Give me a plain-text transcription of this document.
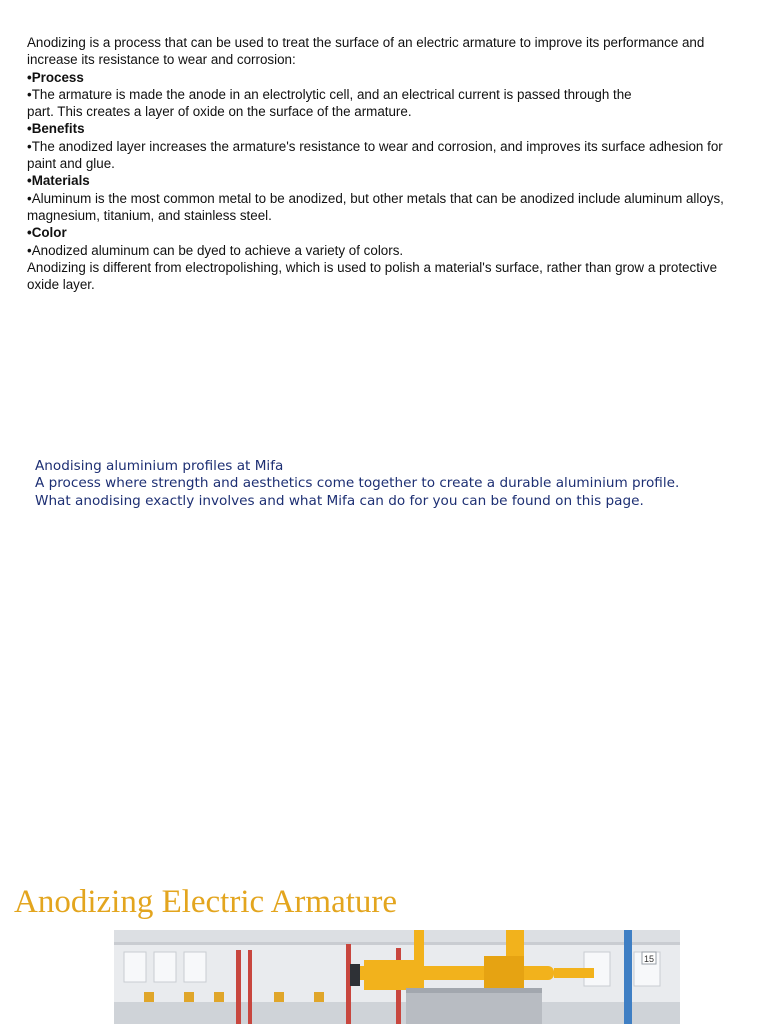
Anodizing is a process that can be used to treat the surface of an electric armature to improve its performance and increase its resistance to wear and corrosion:

•Process

•The armature is made the anode in an electrolytic cell, and an electrical current is passed through the

part. This creates a layer of oxide on the surface of the armature.

•Benefits

•The anodized layer increases the armature's resistance to wear and corrosion, and improves its surface adhesion for paint and glue.

•Materials

•Aluminum is the most common metal to be anodized, but other metals that can be anodized include aluminum alloys, magnesium, titanium, and stainless steel.

•Color

•Anodized aluminum can be dyed to achieve a variety of colors.

Anodizing is different from electropolishing, which is used to polish a material's surface, rather than grow a protective oxide layer.

Anodising aluminium profiles at Mifa

A process where strength and aesthetics come together to create a durable aluminium profile.

What anodising exactly involves and what Mifa can do for you can be found on this page.

Anodizing Electric Armature
15
